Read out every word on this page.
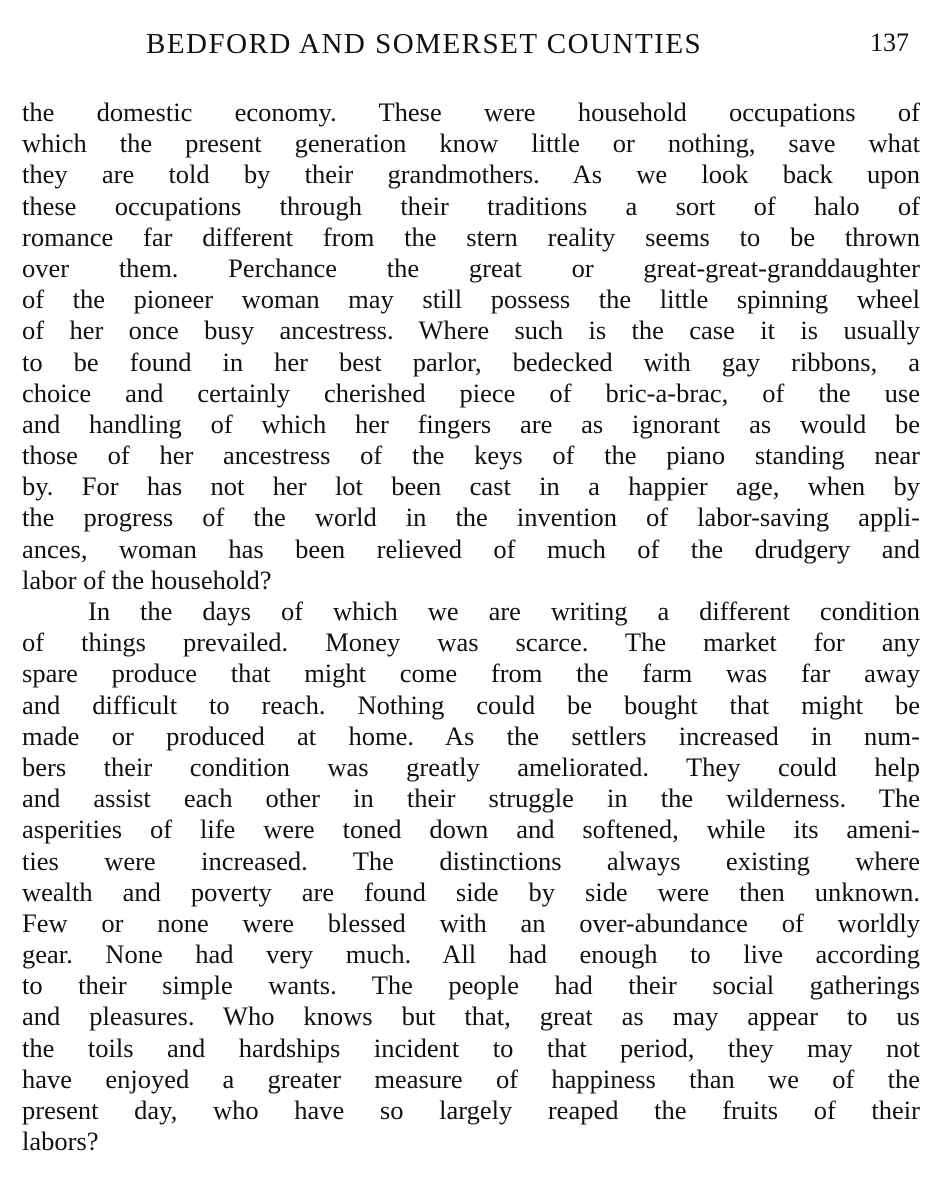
BEDFORD AND SOMERSET COUNTIES	137
the domestic economy. These were household occupations of
which the present generation know little or nothing, save what
they are told by their grandmothers. As we look back upon
these occupations through their traditions a sort of halo of
romance far different from the stern reality seems to be thrown
over them. Perchance the great or great-great-granddaughter
of the pioneer woman may still possess the little spinning wheel
of her once busy ancestress. Where such is the case it is usually
to be found in her best parlor, bedecked with gay ribbons, a
choice and certainly cherished piece of bric-a-brac, of the use
and handling of which her fingers are as ignorant as would be
those of her ancestress of the keys of the piano standing near
by. For has not her lot been cast in a happier age, when by
the progress of the world in the invention of labor-saving appli-
ances, woman has been relieved of much of the drudgery and
labor of the household?
In the days of which we are writing a different condition
of things prevailed. Money was scarce. The market for any
spare produce that might come from the farm was far away
and difficult to reach. Nothing could be bought that might be
made or produced at home. As the settlers increased in num-
bers their condition was greatly ameliorated. They could help
and assist each other in their struggle in the wilderness. The
asperities of life were toned down and softened, while its ameni-
ties were increased. The distinctions always existing where
wealth and poverty are found side by side were then unknown.
Few or none were blessed with an over-abundance of worldly
gear. None had very much. All had enough to live according
to their simple wants. The people had their social gatherings
and pleasures. Who knows but that, great as may appear to us
the toils and hardships incident to that period, they may not
have enjoyed a greater measure of happiness than we of the
present day, who have so largely reaped the fruits of their
labors?
